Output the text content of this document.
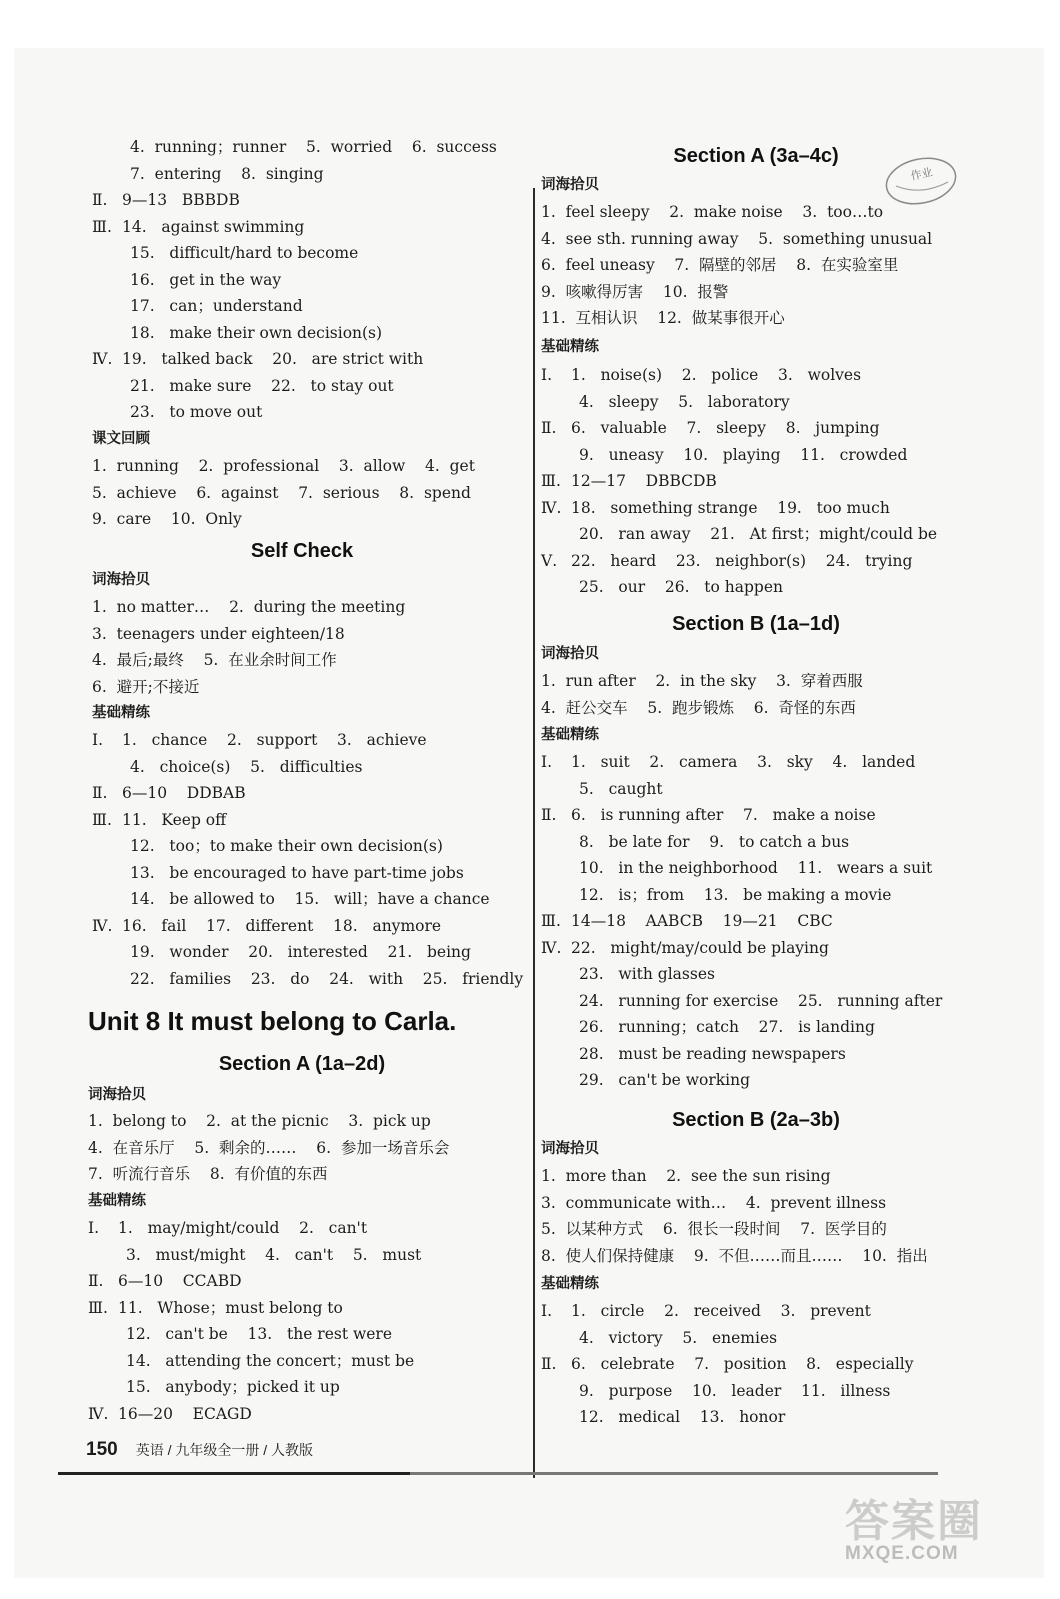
4.  running；runner    5.  worried    6.  success
7.  entering    8.  singing
Ⅱ. 9—13   BBBDB
Ⅲ. 14.   against swimming
15.   difficult/hard to become
16.   get in the way
17.   can；understand
18.   make their own decision(s)
Ⅳ. 19.   talked back    20.   are strict with
21.   make sure    22.   to stay out
23.   to move out
课文回顾
1.  running    2.  professional    3.  allow    4.  get
5.  achieve    6.  against    7.  serious    8.  spend
9.  care    10.  Only
Self Check
词海拾贝
1.  no matter…    2.  during the meeting
3.  teenagers under eighteen/18
4.  最后;最终    5.  在业余时间工作
6.  避开;不接近
基础精练
Ⅰ.	1.   chance    2.   support    3.   achieve
4.   choice(s)    5.   difficulties
Ⅱ. 6—10    DDBAB
Ⅲ. 11.   Keep off
12.   too；to make their own decision(s)
13.   be encouraged to have part-time jobs
14.   be allowed to    15.   will；have a chance
Ⅳ. 16.   fail    17.   different    18.   anymore
19.   wonder    20.   interested    21.   being
22.   families    23.   do    24.   with    25.   friendly
Unit 8 It must belong to Carla.
Section A (1a–2d)
词海拾贝
1.  belong to    2.  at the picnic    3.  pick up
4.  在音乐厅    5.  剩余的……    6.  参加一场音乐会
7.  听流行音乐    8.  有价值的东西
基础精练
Ⅰ.	1.   may/might/could    2.   can't
3.   must/might    4.   can't    5.   must
Ⅱ. 6—10    CCABD
Ⅲ. 11.   Whose；must belong to
12.   can't be    13.   the rest were
14.   attending the concert；must be
15.   anybody；picked it up
Ⅳ. 16—20    ECAGD
Section A (3a–4c)
词海拾贝
1.  feel sleepy    2.  make noise    3.  too…to
4.  see sth. running away    5.  something unusual
6.  feel uneasy    7.  隔壁的邻居    8.  在实验室里
9.  咳嗽得厉害    10.  报警
11.  互相认识    12.  做某事很开心
基础精练
Ⅰ.	1.   noise(s)    2.   police    3.   wolves
4.   sleepy    5.   laboratory
Ⅱ. 6.   valuable    7.   sleepy    8.   jumping
9.   uneasy    10.   playing    11.   crowded
Ⅲ. 12—17    DBBCDB
Ⅳ. 18.   something strange    19.   too much
20.   ran away    21.   At first；might/could be
Ⅴ. 22.   heard    23.   neighbor(s)    24.   trying
25.   our    26.   to happen
Section B (1a–1d)
词海拾贝
1.  run after    2.  in the sky    3.  穿着西服
4.  赶公交车    5.  跑步锻炼    6.  奇怪的东西
基础精练
Ⅰ.	1.   suit    2.   camera    3.   sky    4.   landed
5.   caught
Ⅱ. 6.   is running after    7.   make a noise
8.   be late for    9.   to catch a bus
10.   in the neighborhood    11.   wears a suit
12.   is；from    13.   be making a movie
Ⅲ. 14—18    AABCB    19—21    CBC
Ⅳ. 22.   might/may/could be playing
23.   with glasses
24.   running for exercise    25.   running after
26.   running；catch    27.   is landing
28.   must be reading newspapers
29.   can't be working
Section B (2a–3b)
词海拾贝
1.  more than    2.  see the sun rising
3.  communicate with…    4.  prevent illness
5.  以某种方式    6.  很长一段时间    7.  医学目的
8.  使人们保持健康    9.  不但……而且……    10.  指出
基础精练
Ⅰ.	1.   circle    2.   received    3.   prevent
4.   victory    5.   enemies
Ⅱ. 6.   celebrate    7.   position    8.   especially
9.   purpose    10.   leader    11.   illness
12.   medical    13.   honor
作业
150 英语 / 九年级全一册 / 人教版
答案圈
MXQE.COM
